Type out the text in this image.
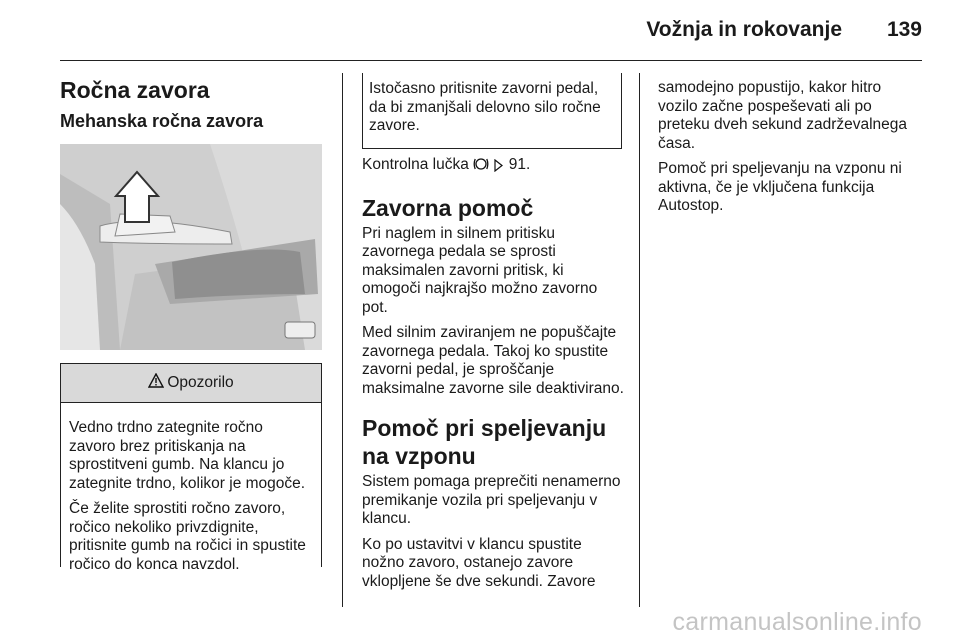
Vožnja in rokovanje 139
Ročna zavora
Mehanska ročna zavora
Opozorilo

Vedno trdno zategnite ročno zavoro brez pritiskanja na sprostitveni gumb. Na klancu jo zategnite trdno, kolikor je mogoče.

Če želite sprostiti ročno zavoro, ročico nekoliko privzdignite, pritisnite gumb na ročici in spustite ročico do konca navzdol.

Istočasno pritisnite zavorni pedal, da bi zmanjšali delovno silo ročne zavore.

Kontrolna lučka	91.

Zavorna pomoč

Pri naglem in silnem pritisku zavornega pedala se sprosti maksimalen zavorni pritisk, ki omogoči najkrajšo možno zavorno pot.

Med silnim zaviranjem ne popuščajte zavornega pedala. Takoj ko spustite zavorni pedal, je sproščanje maksimalne zavorne sile deaktivirano.

Pomoč pri speljevanju na vzponu

Sistem pomaga preprečiti nenamerno premikanje vozila pri speljevanju v klancu.

Ko po ustavitvi v klancu spustite nožno zavoro, ostanejo zavore vklopljene še dve sekundi. Zavore

samodejno popustijo, kakor hitro vozilo začne pospeševati ali po preteku dveh sekund zadrževalnega časa.

Pomoč pri speljevanju na vzponu ni aktivna, če je vključena funkcija Autostop.

carmanualsonline.info
